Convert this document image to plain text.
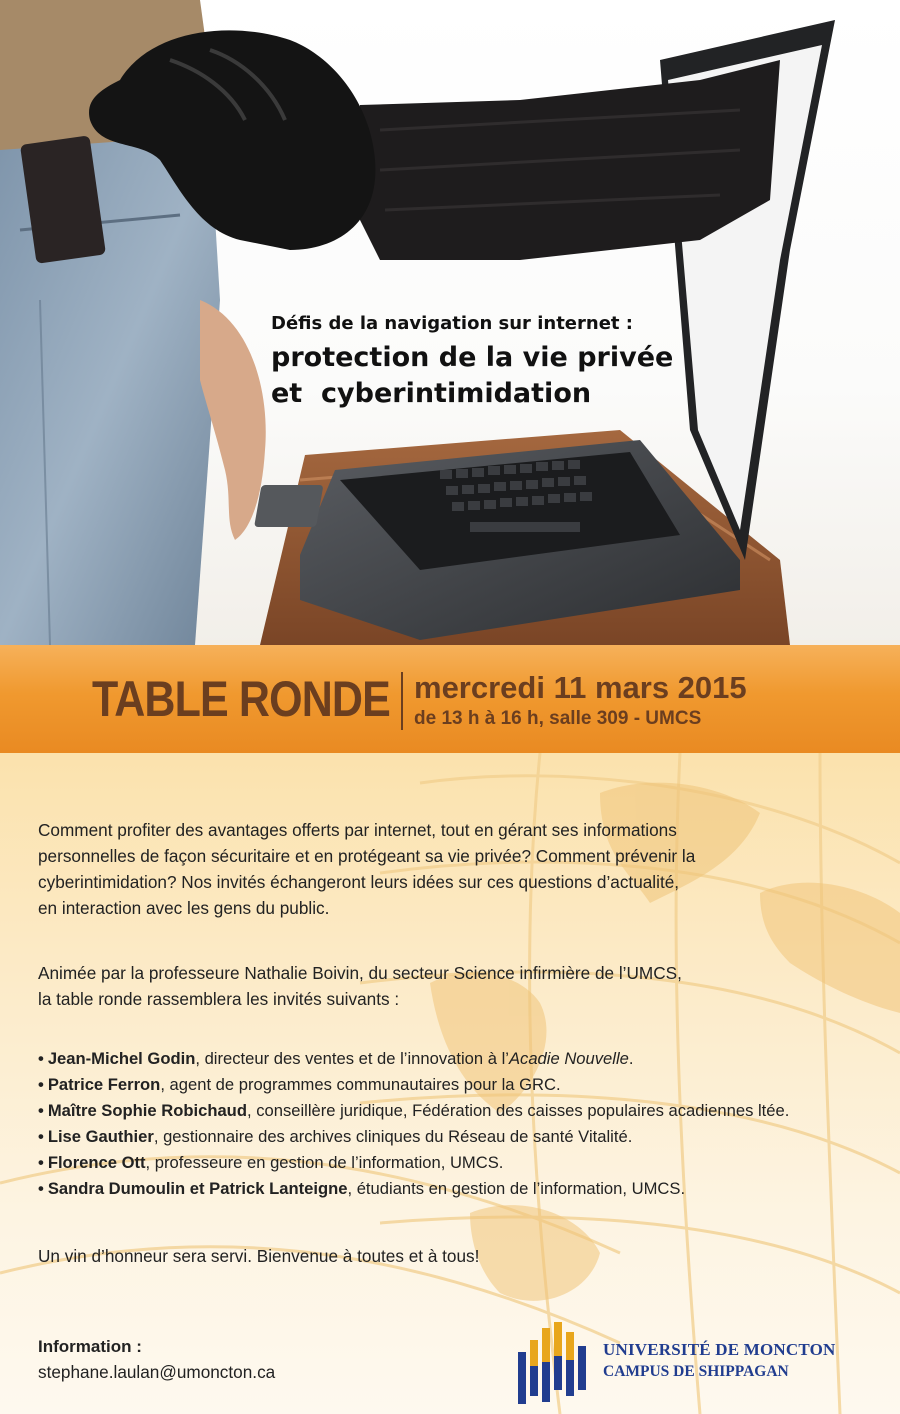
Défis de la navigation sur internet :
protection de la vie privée
et  cyberintimidation
TABLE RONDE mercredi 11 mars 2015
de 13 h à 16 h, salle 309 - UMCS
Comment profiter des avantages offerts par internet, tout en gérant ses informations
personnelles de façon sécuritaire et en protégeant sa vie privée? Comment prévenir la
cyberintimidation? Nos invités échangeront leurs idées sur ces questions d’actualité,
en interaction avec les gens du public.
Animée par la professeure Nathalie Boivin, du secteur Science infirmière de l’UMCS,
la table ronde rassemblera les invités suivants :
• Jean-Michel Godin, directeur des ventes et de l’innovation à l’Acadie Nouvelle.
• Patrice Ferron, agent de programmes communautaires pour la GRC.
• Maître Sophie Robichaud, conseillère juridique, Fédération des caisses populaires acadiennes ltée.
• Lise Gauthier, gestionnaire des archives cliniques du Réseau de santé Vitalité.
• Florence Ott, professeure en gestion de l’information, UMCS.
• Sandra Dumoulin et Patrick Lanteigne, étudiants en gestion de l’information, UMCS.
Un vin d’honneur sera servi. Bienvenue à toutes et à tous!
Information :
stephane.laulan@umoncton.ca
UNIVERSITÉ DE MONCTON
CAMPUS DE SHIPPAGAN
